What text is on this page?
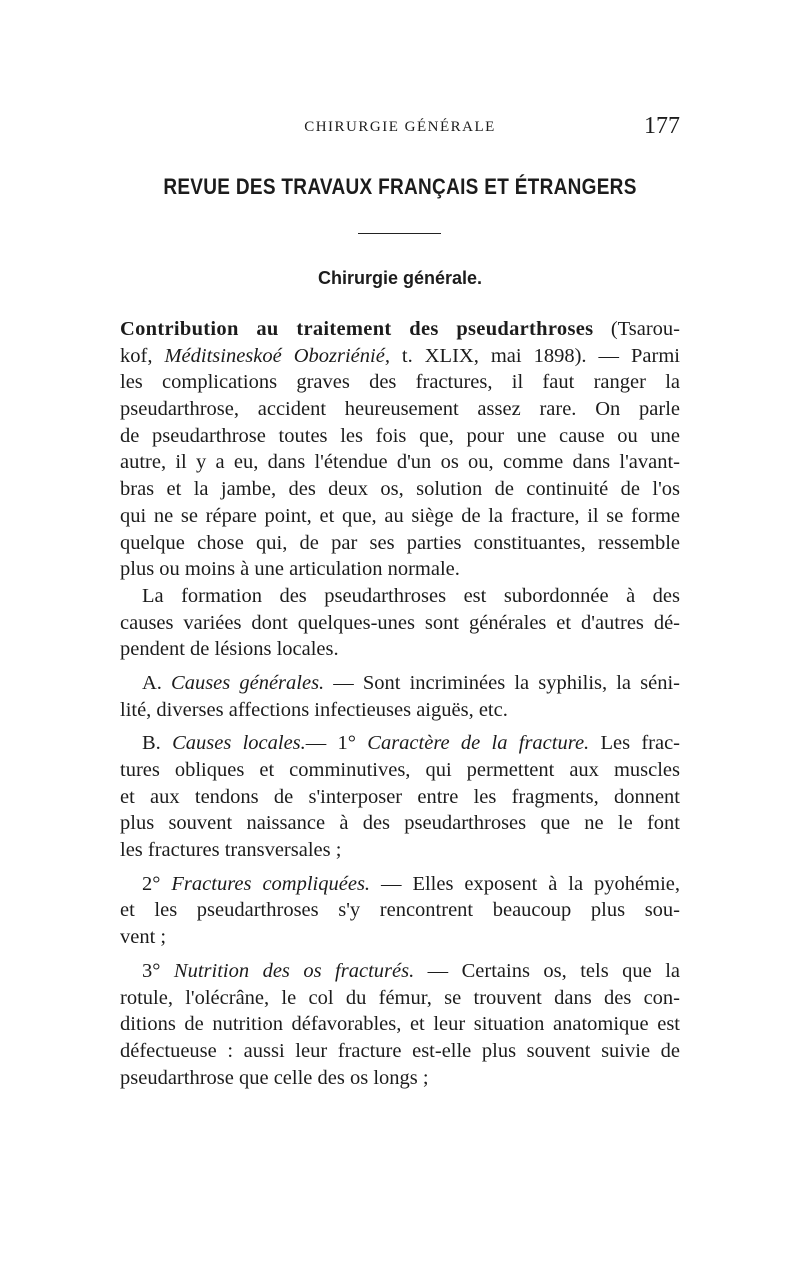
CHIRURGIE GÉNÉRALE	177
REVUE DES TRAVAUX FRANÇAIS ET ÉTRANGERS
Chirurgie générale.
Contribution au traitement des pseudarthroses (Tsarou-
kof, Méditsineskoé Obozriénié, t. XLIX, mai 1898). — Parmi
les complications graves des fractures, il faut ranger la
pseudarthrose, accident heureusement assez rare. On parle
de pseudarthrose toutes les fois que, pour une cause ou une
autre, il y a eu, dans l'étendue d'un os ou, comme dans l'avant-
bras et la jambe, des deux os, solution de continuité de l'os
qui ne se répare point, et que, au siège de la fracture, il se forme
quelque chose qui, de par ses parties constituantes, ressemble
plus ou moins à une articulation normale.
La formation des pseudarthroses est subordonnée à des
causes variées dont quelques-unes sont générales et d'autres dé-
pendent de lésions locales.
A. Causes générales. — Sont incriminées la syphilis, la séni-
lité, diverses affections infectieuses aiguës, etc.
B. Causes locales.— 1° Caractère de la fracture. Les frac-
tures obliques et comminutives, qui permettent aux muscles
et aux tendons de s'interposer entre les fragments, donnent
plus souvent naissance à des pseudarthroses que ne le font
les fractures transversales ;
2° Fractures compliquées. — Elles exposent à la pyohémie,
et les pseudarthroses s'y rencontrent beaucoup plus sou-
vent ;
3° Nutrition des os fracturés. — Certains os, tels que la
rotule, l'olécrâne, le col du fémur, se trouvent dans des con-
ditions de nutrition défavorables, et leur situation anatomique est
défectueuse : aussi leur fracture est-elle plus souvent suivie de
pseudarthrose que celle des os longs ;
